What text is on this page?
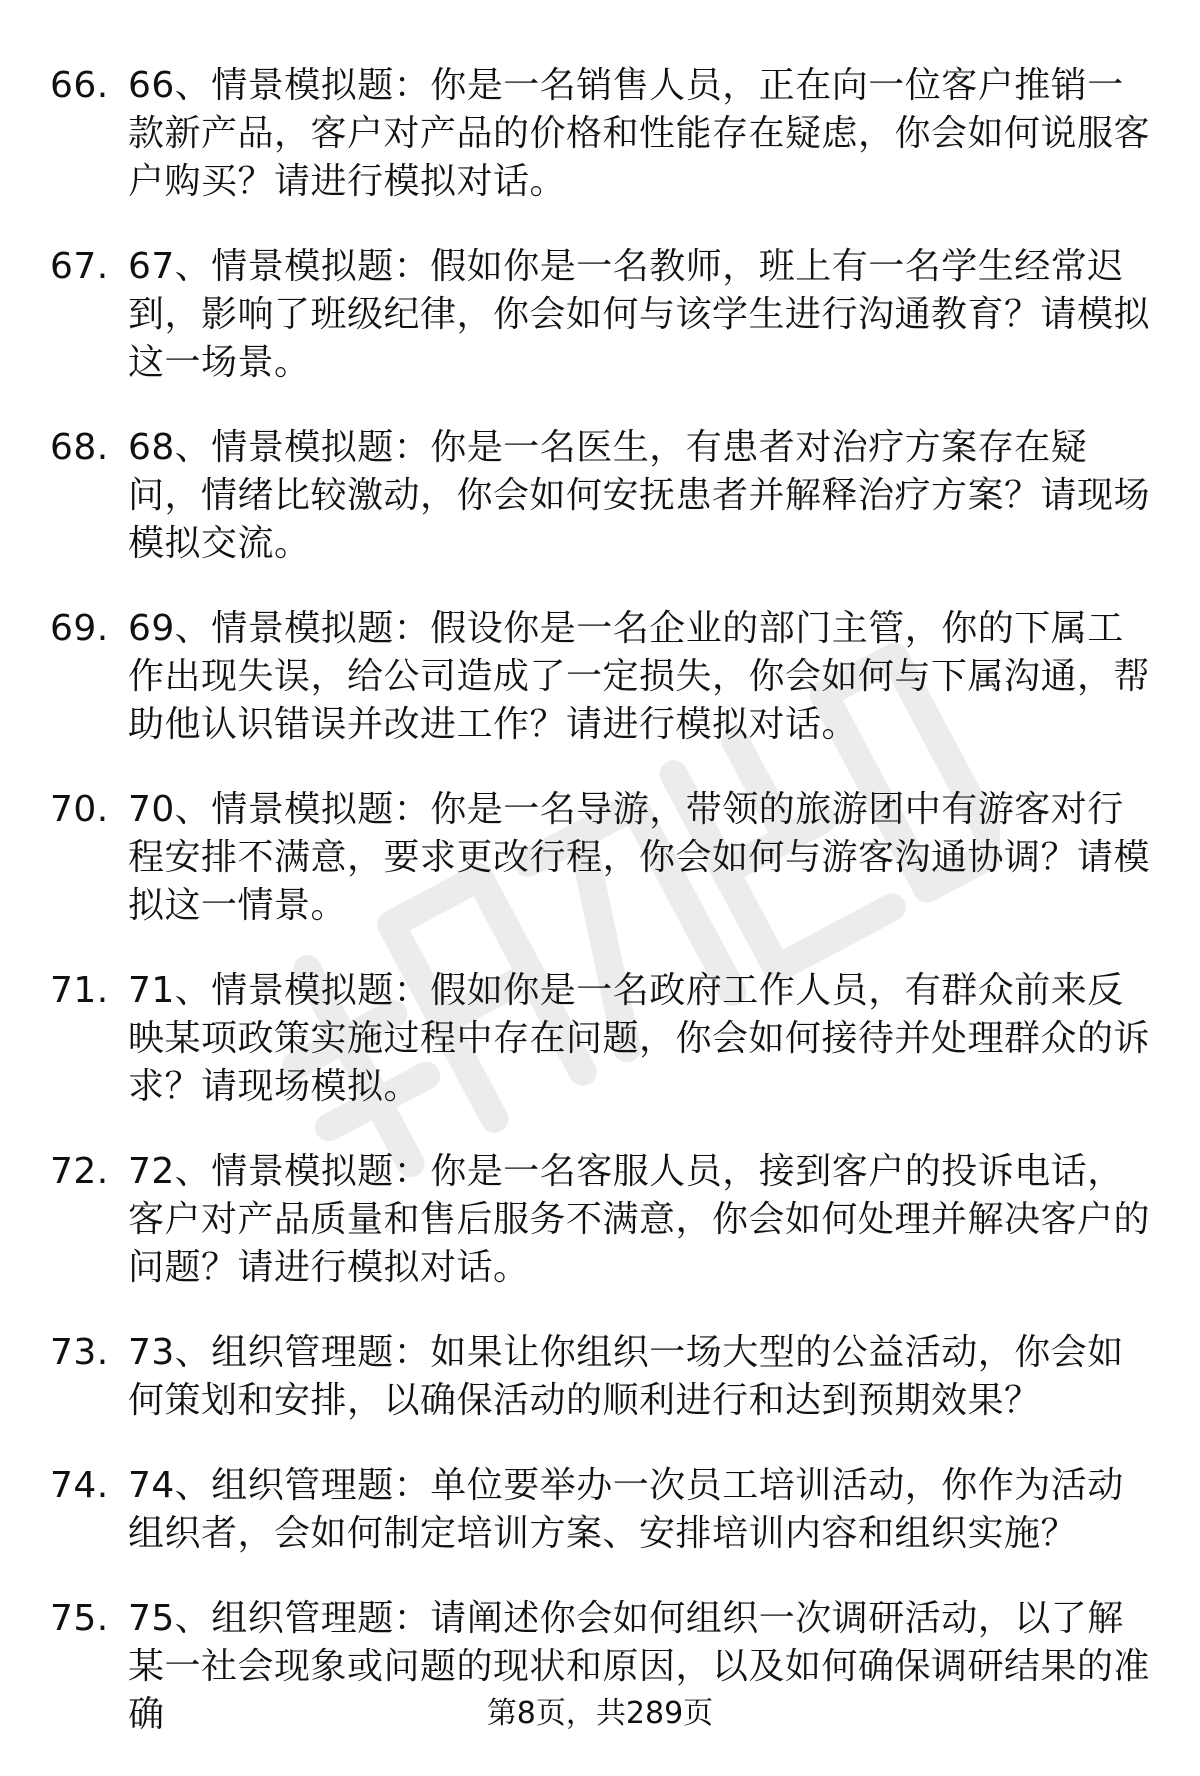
66. 66、情景模拟题：你是一名销售人员，正在向一位客户推销一款新产品，客户对产品的价格和性能存在疑虑，你会如何说服客户购买？请进行模拟对话。
67. 67、情景模拟题：假如你是一名教师，班上有一名学生经常迟到，影响了班级纪律，你会如何与该学生进行沟通教育？请模拟这一场景。
68. 68、情景模拟题：你是一名医生，有患者对治疗方案存在疑问，情绪比较激动，你会如何安抚患者并解释治疗方案？请现场模拟交流。
69. 69、情景模拟题：假设你是一名企业的部门主管，你的下属工作出现失误，给公司造成了一定损失，你会如何与下属沟通，帮助他认识错误并改进工作？请进行模拟对话。
70. 70、情景模拟题：你是一名导游，带领的旅游团中有游客对行程安排不满意，要求更改行程，你会如何与游客沟通协调？请模拟这一情景。
71. 71、情景模拟题：假如你是一名政府工作人员，有群众前来反映某项政策实施过程中存在问题，你会如何接待并处理群众的诉求？请现场模拟。
72. 72、情景模拟题：你是一名客服人员，接到客户的投诉电话，客户对产品质量和售后服务不满意，你会如何处理并解决客户的问题？请进行模拟对话。
73. 73、组织管理题：如果让你组织一场大型的公益活动，你会如何策划和安排，以确保活动的顺利进行和达到预期效果？
74. 74、组织管理题：单位要举办一次员工培训活动，你作为活动组织者，会如何制定培训方案、安排培训内容和组织实施？
75. 75、组织管理题：请阐述你会如何组织一次调研活动，以了解某一社会现象或问题的现状和原因，以及如何确保调研结果的准确	第8页，共289页
